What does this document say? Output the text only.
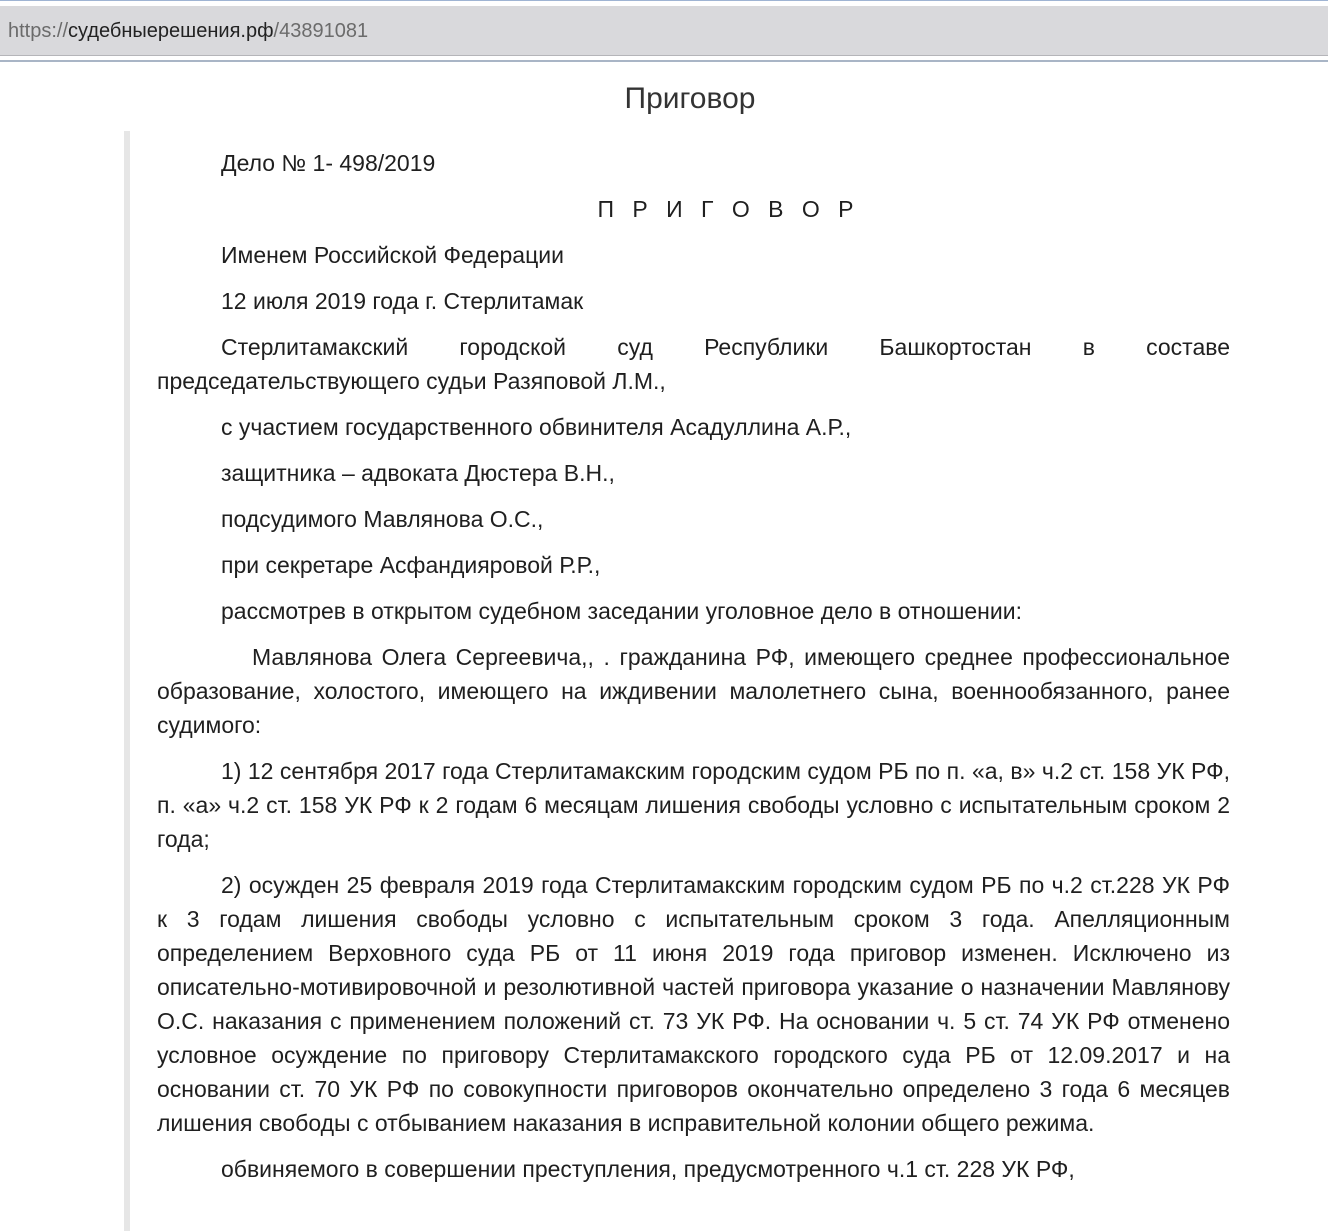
https://судебныерешения.рф/43891081
Приговор

Дело № 1- 498/2019

П Р И Г О В О Р

Именем Российской Федерации

12 июля 2019 года г. Стерлитамак

Стерлитамакский городской суд Республики Башкортостан в составе председательствующего судьи Разяповой Л.М.,

с участием государственного обвинителя Асадуллина А.Р.,

защитника – адвоката Дюстера В.Н.,

подсудимого Мавлянова О.С.,

при секретаре Асфандияровой Р.Р.,

рассмотрев в открытом судебном заседании уголовное дело в отношении:

Мавлянова Олега Сергеевича,, . гражданина РФ, имеющего среднее профессиональное образование, холостого, имеющего на иждивении малолетнего сына, военнообязанного, ранее судимого:

1) 12 сентября 2017 года Стерлитамакским городским судом РБ по п. «а, в» ч.2 ст. 158 УК РФ, п. «а» ч.2 ст. 158 УК РФ к 2 годам 6 месяцам лишения свободы условно с испытательным сроком 2 года;

2) осужден 25 февраля 2019 года Стерлитамакским городским судом РБ по ч.2 ст.228 УК РФ к 3 годам лишения свободы условно с испытательным сроком 3 года. Апелляционным определением Верховного суда РБ от 11 июня 2019 года приговор изменен. Исключено из описательно-мотивировочной и резолютивной частей приговора указание о назначении Мавлянову О.С. наказания с применением положений ст. 73 УК РФ. На основании ч. 5 ст. 74 УК РФ отменено условное осуждение по приговору Стерлитамакского городского суда РБ от 12.09.2017 и на основании ст. 70 УК РФ по совокупности приговоров окончательно определено 3 года 6 месяцев лишения свободы с отбыванием наказания в исправительной колонии общего режима.

обвиняемого в совершении преступления, предусмотренного ч.1 ст. 228 УК РФ,
